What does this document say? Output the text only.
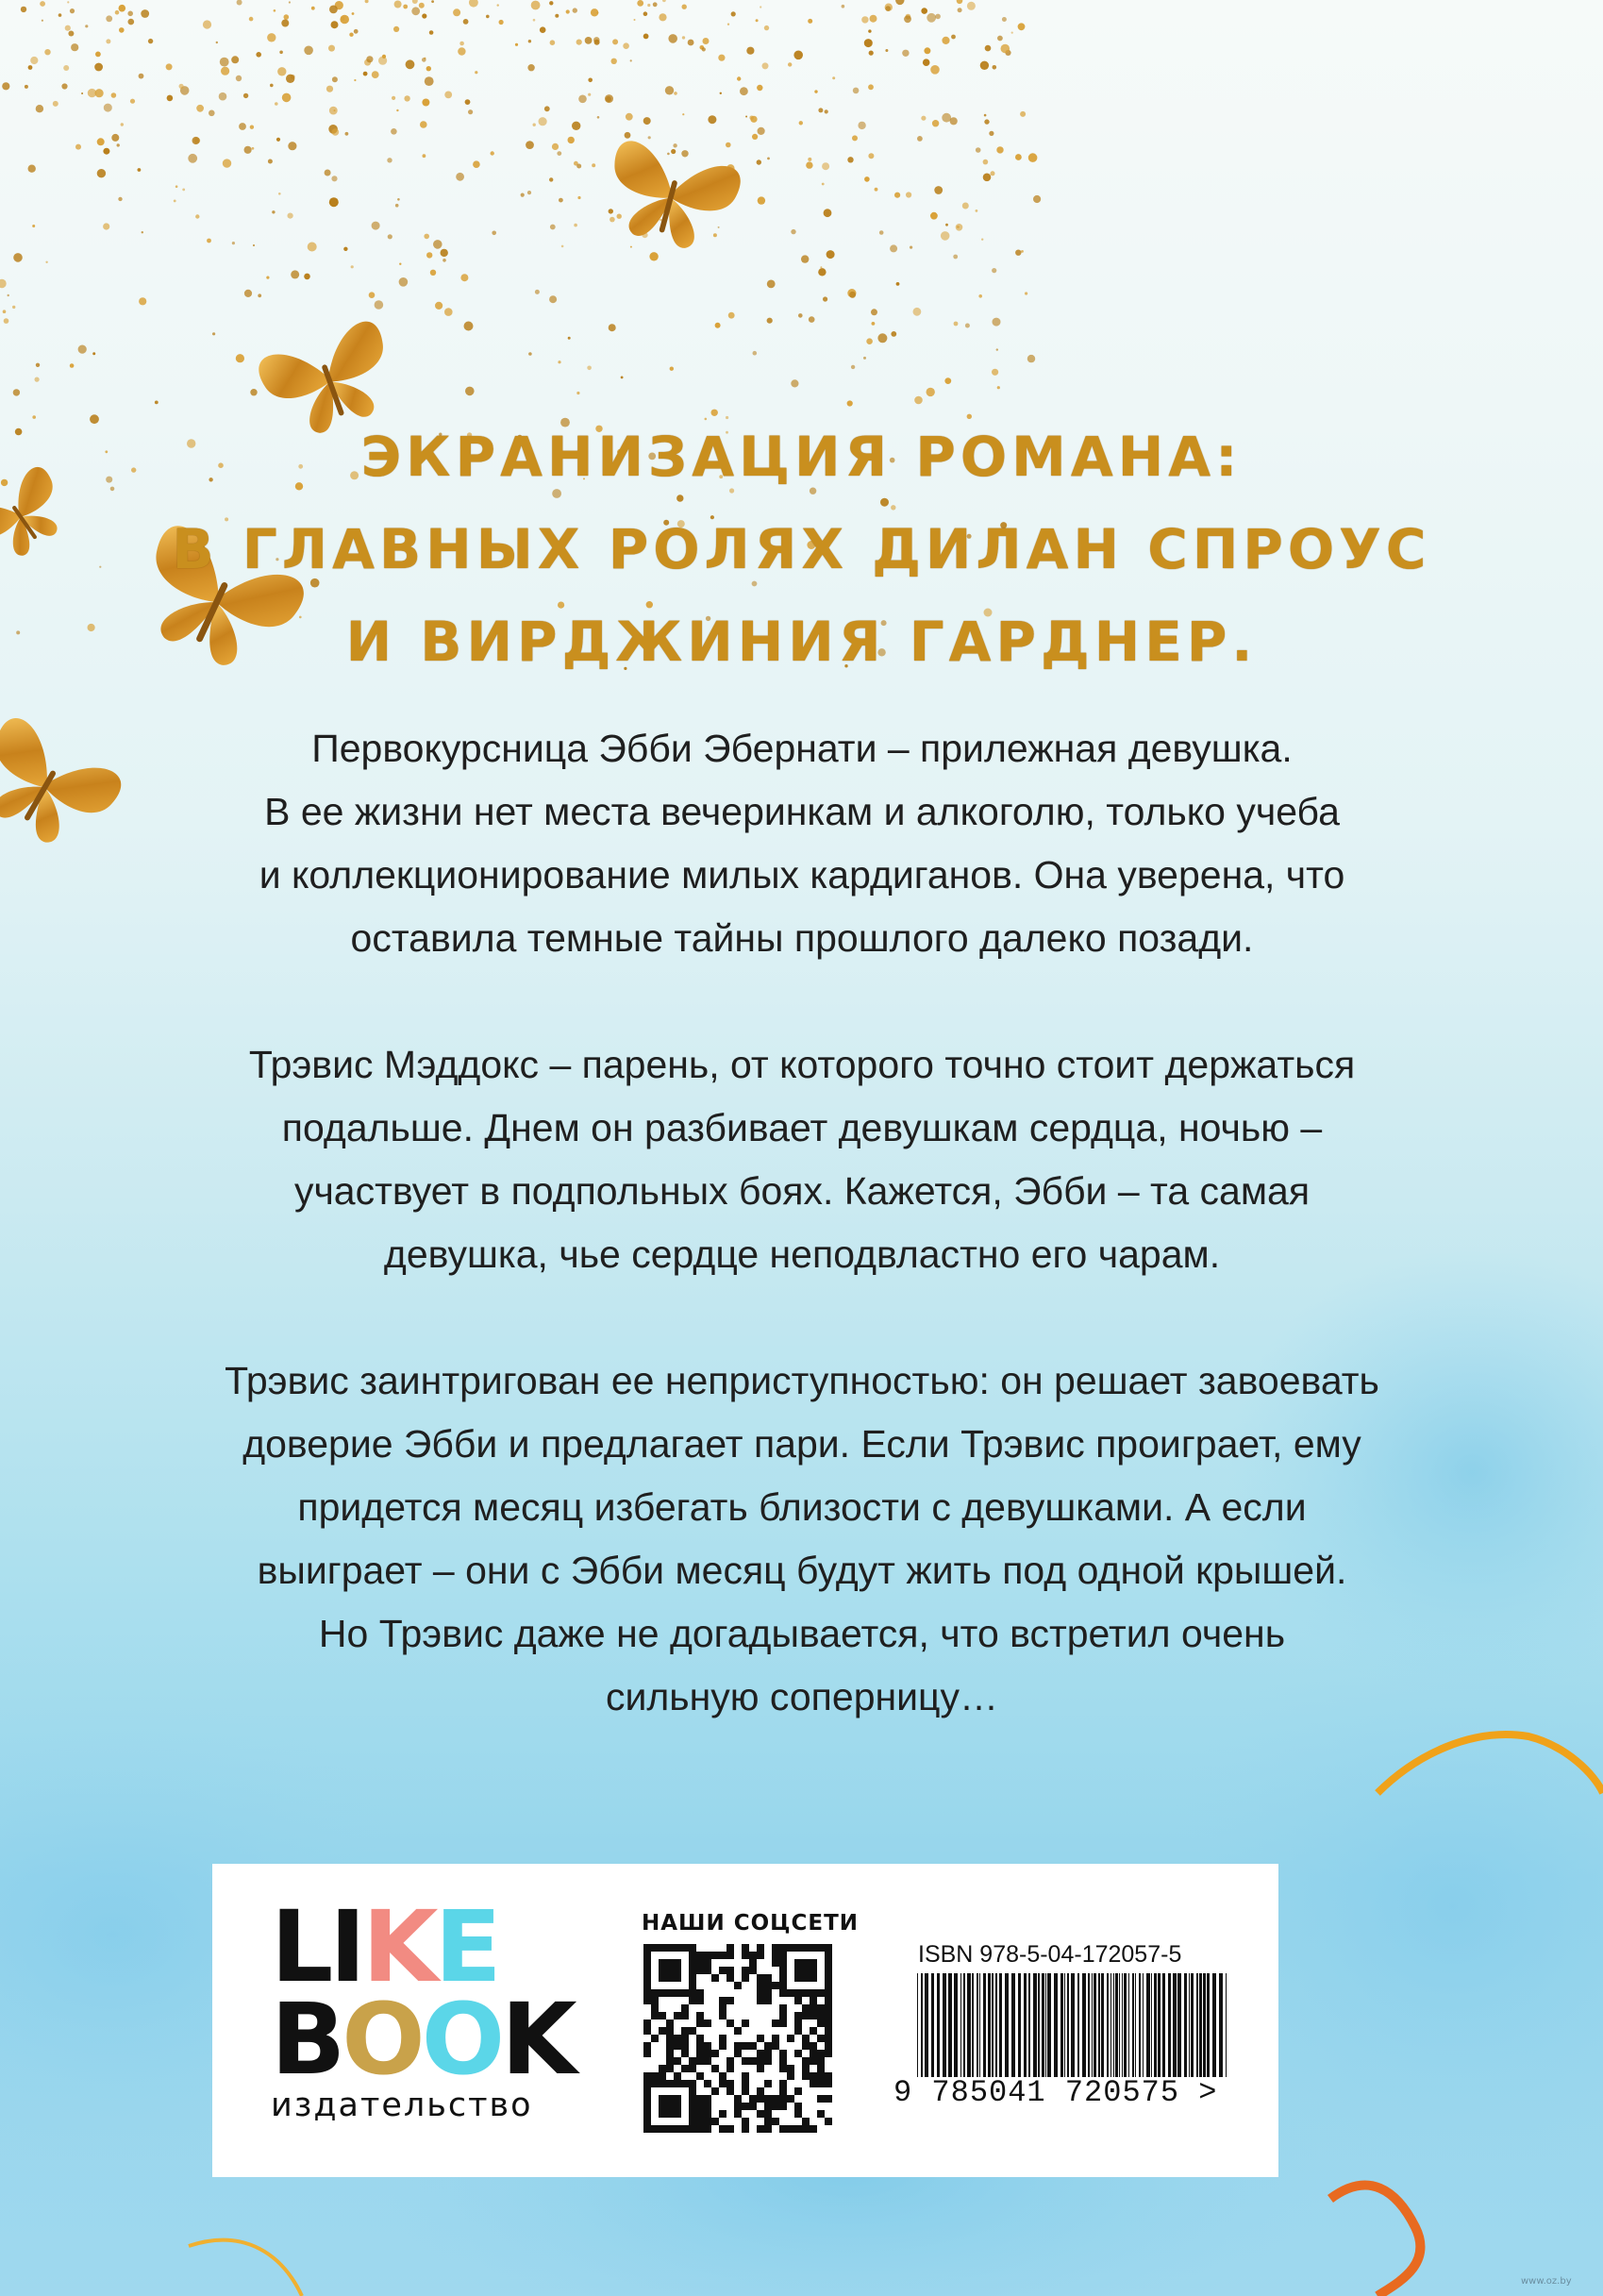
ЭКРАНИЗАЦИЯ РОМАНА:
В ГЛАВНЫХ РОЛЯХ ДИЛАН СПРОУС
И ВИРДЖИНИЯ ГАРДНЕР.
Первокурсница Эбби Эбернати – прилежная девушка.
В ее жизни нет места вечеринкам и алкоголю, только учеба
и коллекционирование милых кардиганов. Она уверена, что
оставила темные тайны прошлого далеко позади.
Трэвис Мэддокс – парень, от которого точно стоит держаться
подальше. Днем он разбивает девушкам сердца, ночью –
участвует в подпольных боях. Кажется, Эбби – та самая
девушка, чье сердце неподвластно его чарам.
Трэвис заинтригован ее неприступностью: он решает завоевать
доверие Эбби и предлагает пари. Если Трэвис проиграет, ему
придется месяц избегать близости с девушками. А если
выиграет – они с Эбби месяц будут жить под одной крышей.
Но Трэвис даже не догадывается, что встретил очень
сильную соперницу…
LIKE
BOOK
издательство
НАШИ СОЦСЕТИ
ISBN 978-5-04-172057-5
9 785041 720575 >
www.oz.by
